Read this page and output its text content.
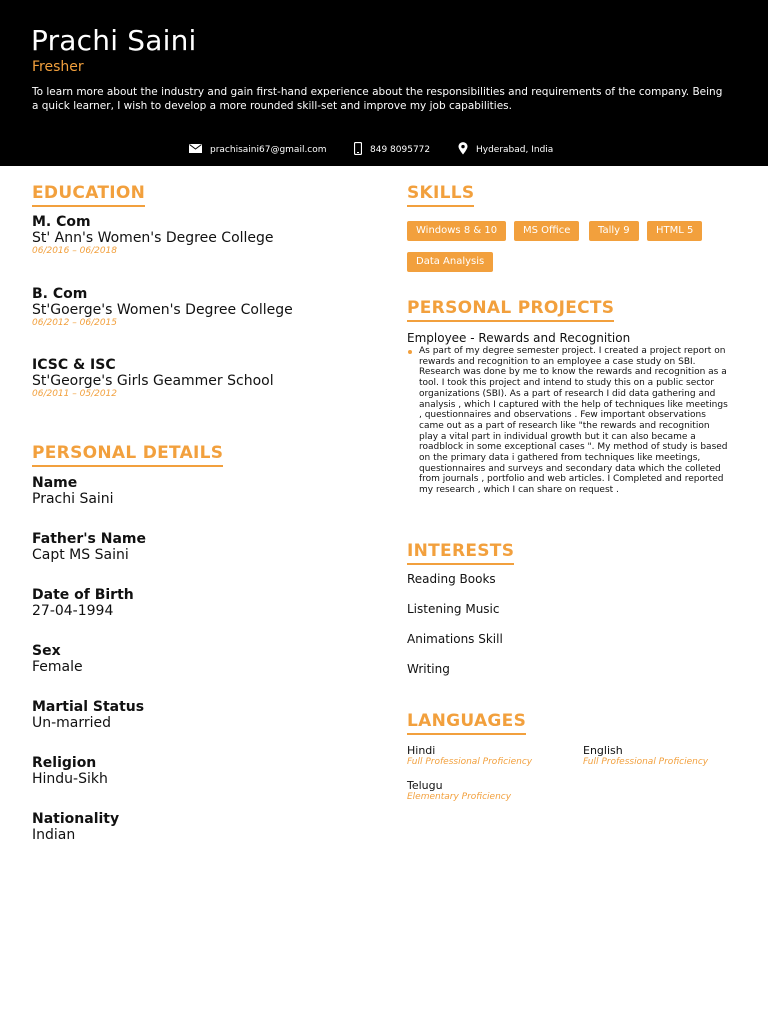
Prachi Saini
Fresher
To learn more about the industry and gain first-hand experience about the responsibilities and requirements of the company. Being a quick learner, I wish to develop a more rounded skill-set and improve my job capabilities.
prachisaini67@gmail.com	849 8095772	Hyderabad, India
EDUCATION
M. Com
St' Ann's Women's Degree College
06/2016 – 06/2018
B. Com
St'Goerge's Women's Degree College
06/2012 – 06/2015
ICSC & ISC
St'George's Girls Geammer School
06/2011 – 05/2012
PERSONAL DETAILS
Name
Prachi Saini
Father's Name
Capt MS Saini
Date of Birth
27-04-1994
Sex
Female
Martial Status
Un-married
Religion
Hindu-Sikh
Nationality
Indian
SKILLS
Windows 8 & 10	MS Office	Tally 9	HTML 5
Data Analysis
PERSONAL PROJECTS
Employee - Rewards and Recognition
As part of my degree semester project. I created a project report on
rewards and recognition to an employee a case study on SBI.
Research was done by me to know the rewards and recognition as a
tool. I took this project and intend to study this on a public sector
organizations (SBI). As a part of research I did data gathering and
analysis , which I captured with the help of techniques like meetings
, questionnaires and observations . Few important observations
came out as a part of research like "the rewards and recognition
play a vital part in individual growth but it can also became a
roadblock in some exceptional cases ". My method of study is based
on the primary data i gathered from techniques like meetings,
questionnaires and surveys and secondary data which the colleted
from journals , portfolio and web articles. I Completed and reported
my research , which I can share on request .
INTERESTS
Reading Books
Listening Music
Animations Skill
Writing
LANGUAGES
Hindi
Full Professional Proficiency
English
Full Professional Proficiency
Telugu
Elementary Proficiency
